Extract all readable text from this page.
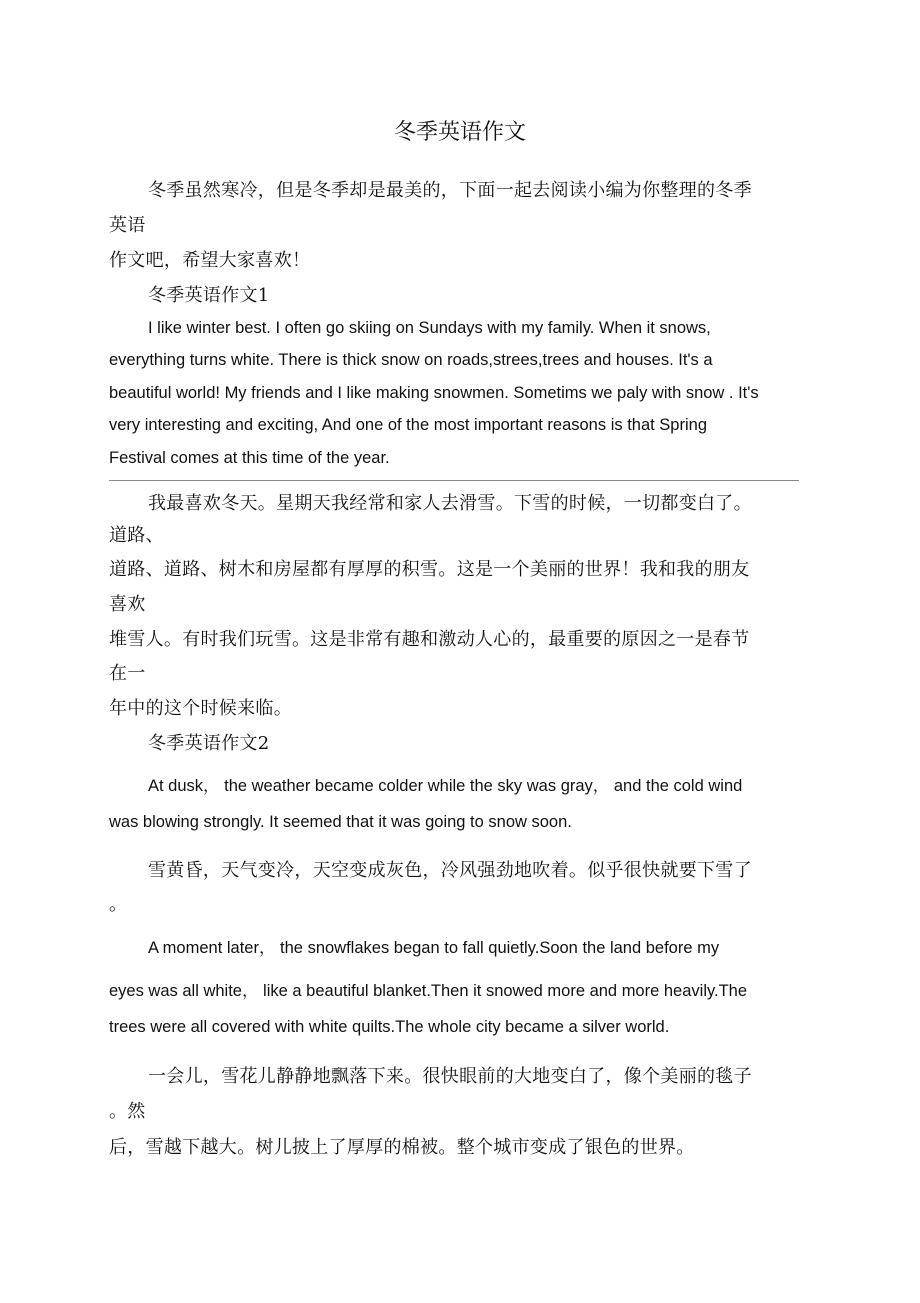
冬季英语作文
冬季虽然寒冷，但是冬季却是最美的，下面一起去阅读小编为你整理的冬季
英语
作文吧，希望大家喜欢！
冬季英语作文1
I like winter best. I often go skiing on Sundays with my family. When it snows,
everything turns white. There is thick snow on roads,strees,trees and houses. It's a
beautiful world! My friends and I like making snowmen. Sometims we paly with snow . It's
very interesting and exciting, And one of the most important reasons is that Spring
Festival comes at this time of the year.
我最喜欢冬天。星期天我经常和家人去滑雪。下雪的时候，一切都变白了。
道路、
道路、道路、树木和房屋都有厚厚的积雪。这是一个美丽的世界！我和我的朋友
喜欢
堆雪人。有时我们玩雪。这是非常有趣和激动人心的，最重要的原因之一是春节
在一
年中的这个时候来临。
冬季英语作文2
At dusk， the weather became colder while the sky was gray， and the cold wind
was blowing strongly. It seemed that it was going to snow soon.
雪黄昏，天气变冷，天空变成灰色，冷风强劲地吹着。似乎很快就要下雪了
。
A moment later， the snowflakes began to fall quietly.Soon the land before my
eyes was all white， like a beautiful blanket.Then it snowed more and more heavily.The
trees were all covered with white quilts.The whole city became a silver world.
一会儿，雪花儿静静地飘落下来。很快眼前的大地变白了，像个美丽的毯子
。然
后，雪越下越大。树儿披上了厚厚的棉被。整个城市变成了银色的世界。
